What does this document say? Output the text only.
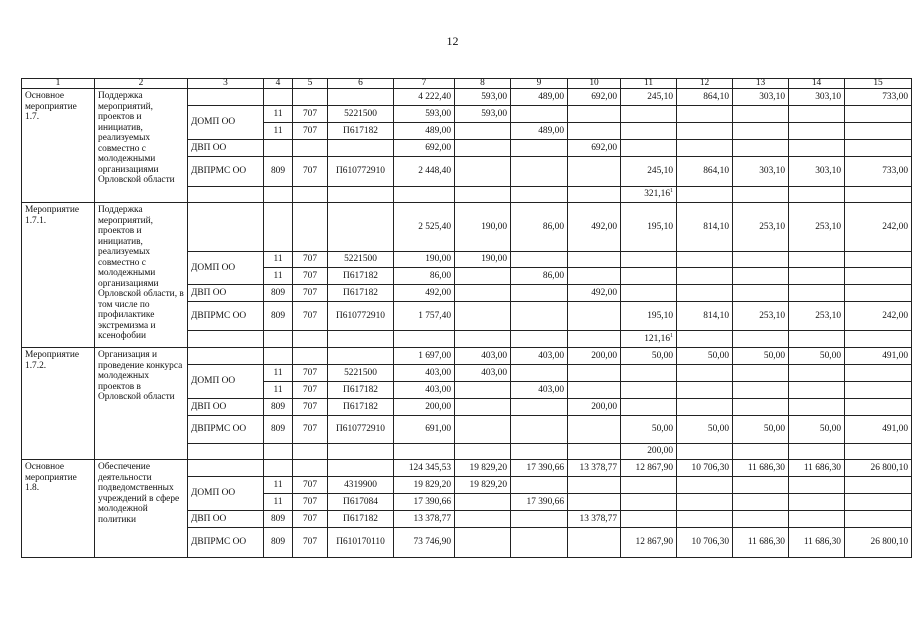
12
1	2	3	4	5	6	7	8	9	10	11	12	13	14	15
Основное мероприятие 1.7.	Поддержка мероприятий, проектов и инициатив, реализуемых совместно с молодежными организациями Орловской области					4 222,40	593,00	489,00	692,00	245,10	864,10	303,10	303,10	733,00
		ДОМП ОО	11	707	5221500	593,00	593,00							
			11	707	П617182	489,00		489,00						
		ДВП ОО				692,00			692,00					
		ДВПРМС ОО	809	707	П610772910	2 448,40				245,10	864,10	303,10	303,10	733,00
										321,16$^1$				
Мероприятие 1.7.1.	Поддержка мероприятий, проектов и инициатив, реализуемых совместно с молодежными организациями Орловской области, в том числе по профилактике экстремизма и ксенофобии					2 525,40	190,00	86,00	492,00	195,10	814,10	253,10	253,10	242,00
		ДОМП ОО	11	707	5221500	190,00	190,00							
			11	707	П617182	86,00		86,00						
		ДВП ОО	809	707	П617182	492,00			492,00					
		ДВПРМС ОО	809	707	П610772910	1 757,40				195,10	814,10	253,10	253,10	242,00
										121,16$^1$				
Мероприятие 1.7.2.	Организация и проведение конкурса молодежных проектов в Орловской области					1 697,00	403,00	403,00	200,00	50,00	50,00	50,00	50,00	491,00
		ДОМП ОО	11	707	5221500	403,00	403,00							
			11	707	П617182	403,00		403,00						
		ДВП ОО	809	707	П617182	200,00			200,00					
		ДВПРМС ОО	809	707	П610772910	691,00				50,00	50,00	50,00	50,00	491,00
										200,00				
Основное мероприятие 1.8.	Обеспечение деятельности подведомственных учреждений в сфере молодежной политики					124 345,53	19 829,20	17 390,66	13 378,77	12 867,90	10 706,30	11 686,30	11 686,30	26 800,10
		ДОМП ОО	11	707	4319900	19 829,20	19 829,20							
			11	707	П617084	17 390,66		17 390,66						
		ДВП ОО	809	707	П617182	13 378,77			13 378,77					
		ДВПРМС ОО	809	707	П610170110	73 746,90				12 867,90	10 706,30	11 686,30	11 686,30	26 800,10
